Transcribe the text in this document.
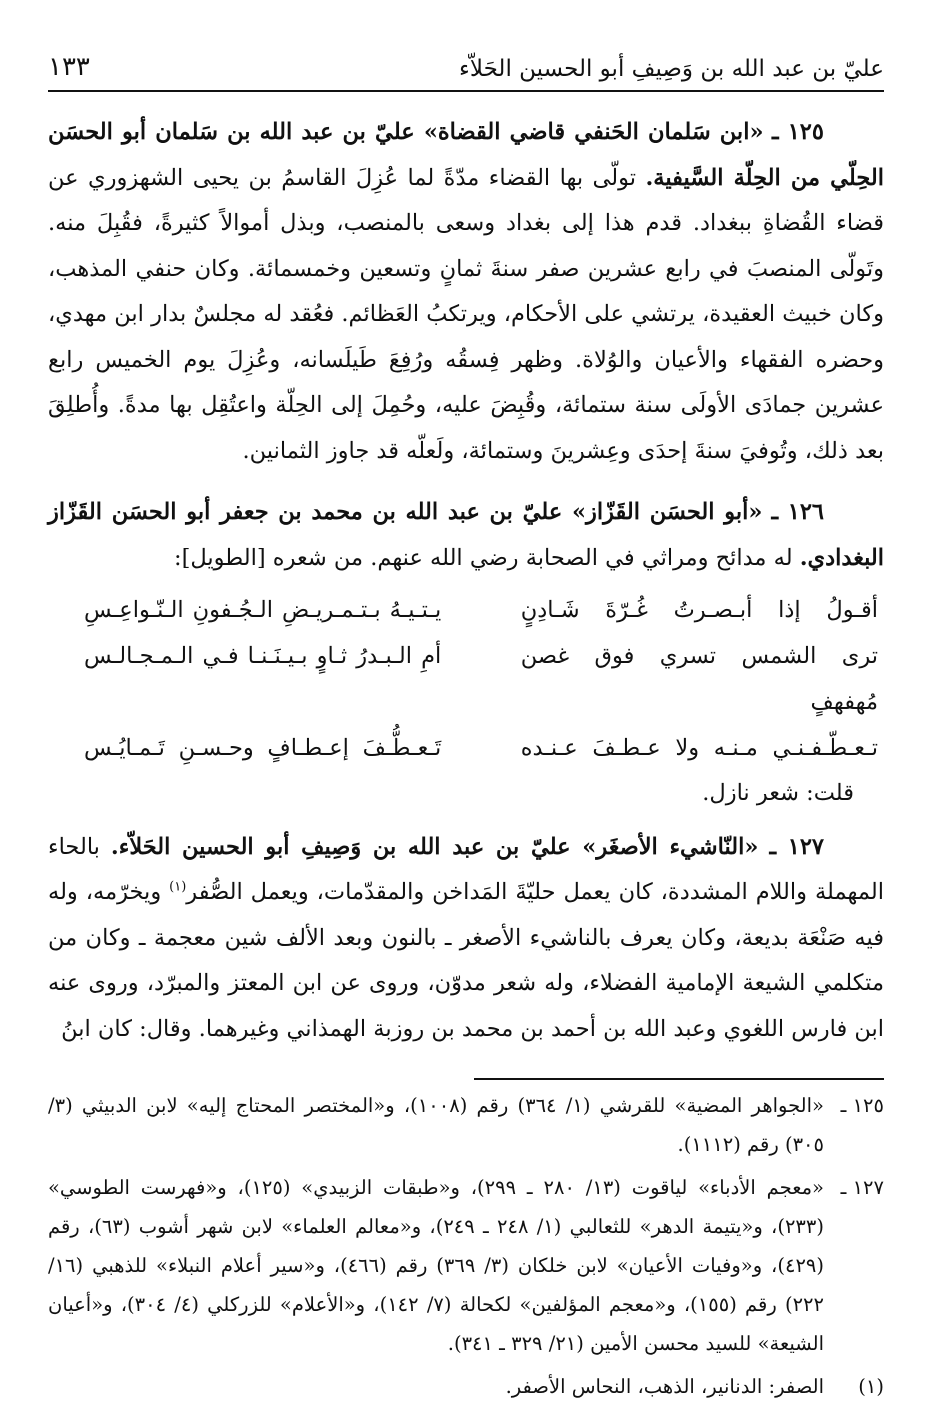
عليّ بن عبد الله بن وَصِيفِ أبو الحسين الحَلاّء
١٣٣

١٢٥ ـ «ابن سَلمان الحَنفي قاضي القضاة» عليّ بن عبد الله بن سَلمان أبو الحسَن الحِلّي من الحِلّة السَّيفية. تولّى بها القضاء مدّةً لما عُزِلَ القاسمُ بن يحيى الشهزوري عن قضاء القُضاةِ ببغداد. قدم هذا إلى بغداد وسعى بالمنصب، وبذل أموالاً كثيرةً، فقُبِلَ منه. وتَولّى المنصبَ في رابع عشرين صفر سنةَ ثمانٍ وتسعين وخمسمائة. وكان حنفي المذهب، وكان خبيث العقيدة، يرتشي على الأحكام، ويرتكبُ العَظائم. فعُقد له مجلسٌ بدار ابن مهدي، وحضره الفقهاء والأعيان والوُلاة. وظهر فِسقُه ورُفِعَ طَيلَسانه، وعُزِلَ يوم الخميس رابع عشرين جمادَى الأولَى سنة ستمائة، وقُبِضَ عليه، وحُمِلَ إلى الحِلّة واعتُقِل بها مدةً. وأُطلِقَ بعد ذلك، وتُوفيَ سنةَ إحدَى وعِشرينَ وستمائة، ولَعلّه قد جاوز الثمانين.

١٢٦ ـ «أبو الحسَن القَزّاز» عليّ بن عبد الله بن محمد بن جعفر أبو الحسَن القَزّاز البغدادي. له مدائح ومراثي في الصحابة رضي الله عنهم. من شعره [الطويل]:

أقـولُ إذا أبـصـرتُ غُـرّةَ شَـادِنٍ
يـتـيـهُ بـتـمـريـضِ الـجُـفونِ الـنّـواعِـسِ
ترى الشمس تسري فوق غصن مُهفهفٍ
أمِ الـبـدرُ ثـاوٍ بـيـنَـنـا فـي الـمـجـالـس
تـعـطّـفـنـي مـنـه ولا عـطـفَ عـنـده
تَـعـطُّـفَ إعـطـافٍ وحـسـنِ تَـمـايُـس
قلت: شعر نازل.

١٢٧ ـ «النّاشيء الأصغَر» عليّ بن عبد الله بن وَصِيفِ أبو الحسين الحَلاّء. بالحاء المهملة واللام المشددة، كان يعمل حليّةَ المَداخن والمقدّمات، ويعمل الصُّفر$^{(١)}$ ويخرّمه، وله فيه صَنْعَة بديعة، وكان يعرف بالناشيء الأصغر ـ بالنون وبعد الألف شين معجمة ـ وكان من متكلمي الشيعة الإمامية الفضلاء، وله شعر مدوّن، وروى عن ابن المعتز والمبرّد، وروى عنه ابن فارس اللغوي وعبد الله بن أحمد بن محمد بن روزبة الهمذاني وغيرهما. وقال: كان ابنُ

١٢٥ ـ
«الجواهر المضية» للقرشي (١/ ٣٦٤) رقم (١٠٠٨)، و«المختصر المحتاج إليه» لابن الدبيثي (٣/ ٣٠٥) رقم (١١١٢).
١٢٧ ـ
«معجم الأدباء» لياقوت (١٣/ ٢٨٠ ـ ٢٩٩)، و«طبقات الزبيدي» (١٢٥)، و«فهرست الطوسي» (٢٣٣)، و«يتيمة الدهر» للثعالبي (١/ ٢٤٨ ـ ٢٤٩)، و«معالم العلماء» لابن شهر أشوب (٦٣)، رقم (٤٢٩)، و«وفيات الأعيان» لابن خلكان (٣/ ٣٦٩) رقم (٤٦٦)، و«سير أعلام النبلاء» للذهبي (١٦/ ٢٢٢) رقم (١٥٥)، و«معجم المؤلفين» لكحالة (٧/ ١٤٢)، و«الأعلام» للزركلي (٤/ ٣٠٤)، و«أعيان الشيعة» للسيد محسن الأمين (٢١/ ٣٢٩ ـ ٣٤١).
(١)
الصفر: الدنانير، الذهب، النحاس الأصفر.
